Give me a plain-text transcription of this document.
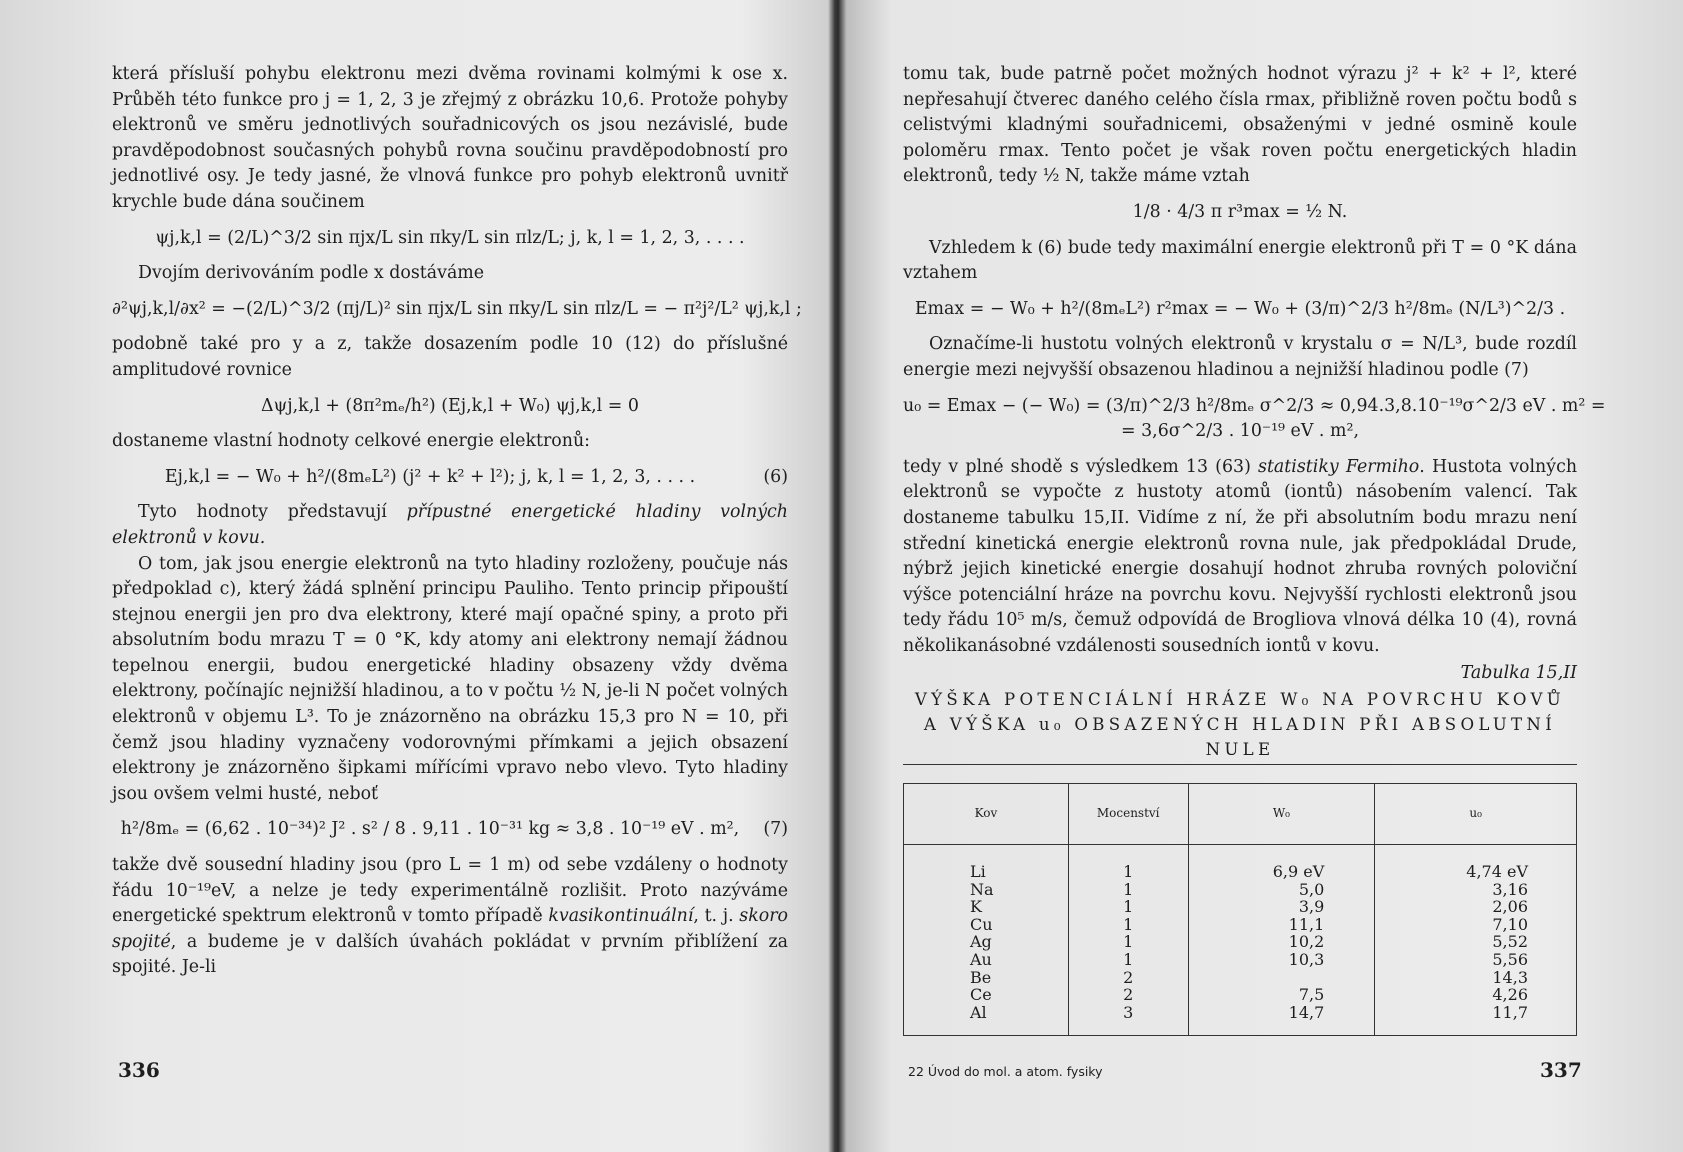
která přísluší pohybu elektronu mezi dvěma rovinami kolmými k ose x. Průběh této funkce pro j = 1, 2, 3 je zřejmý z obrázku 10,6. Protože pohyby elektronů ve směru jednotlivých souřadnicových os jsou nezávislé, bude pravděpodobnost současných pohybů rovna součinu pravděpodobností pro jednotlivé osy. Je tedy jasné, že vlnová funkce pro pohyb elektronů uvnitř krychle bude dána součinem

ψj,k,l = (2/L)^3/2 sin πjx/L sin πky/L sin πlz/L; j, k, l = 1, 2, 3, . . . .

Dvojím derivováním podle x dostáváme

∂²ψj,k,l/∂x² = −(2/L)^3/2 (πj/L)² sin πjx/L sin πky/L sin πlz/L = − π²j²/L² ψj,k,l ;

podobně také pro y a z, takže dosazením podle 10 (12) do příslušné amplitudové rovnice

Δψj,k,l + (8π²mₑ/h²) (Ej,k,l + W₀) ψj,k,l = 0

dostaneme vlastní hodnoty celkové energie elektronů:

Ej,k,l = − W₀ + h²/(8mₑL²) (j² + k² + l²); j, k, l = 1, 2, 3, . . . .	(6)

Tyto hodnoty představují přípustné energetické hladiny volných elektronů v kovu.

O tom, jak jsou energie elektronů na tyto hladiny rozloženy, poučuje nás předpoklad c), který žádá splnění principu Pauliho. Tento princip připouští stejnou energii jen pro dva elektrony, které mají opačné spiny, a proto při absolutním bodu mrazu T = 0 °K, kdy atomy ani elektrony nemají žádnou tepelnou energii, budou energetické hladiny obsazeny vždy dvěma elektrony, počínajíc nejnižší hladinou, a to v počtu ½ N, je-li N počet volných elektronů v objemu L³. To je znázorněno na obrázku 15,3 pro N = 10, při čemž jsou hladiny vyznačeny vodorovnými přímkami a jejich obsazení elektrony je znázorněno šipkami mířícími vpravo nebo vlevo. Tyto hladiny jsou ovšem velmi husté, neboť

h²/8mₑ = (6,62 . 10⁻³⁴)² J² . s² / 8 . 9,11 . 10⁻³¹ kg ≈ 3,8 . 10⁻¹⁹ eV . m²,	(7)

takže dvě sousední hladiny jsou (pro L = 1 m) od sebe vzdáleny o hodnoty řádu 10⁻¹⁹eV, a nelze je tedy experimentálně rozlišit. Proto nazýváme energetické spektrum elektronů v tomto případě kvasikontinuální, t. j. skoro spojité, a budeme je v dalších úvahách pokládat v prvním přiblížení za spojité. Je-li

336

tomu tak, bude patrně počet možných hodnot výrazu j² + k² + l², které nepřesahují čtverec daného celého čísla rmax, přibližně roven počtu bodů s celistvými kladnými souřadnicemi, obsaženými v jedné osmině koule poloměru rmax. Tento počet je však roven počtu energetických hladin elektronů, tedy ½ N, takže máme vztah

1/8 · 4/3 π r³max = ½ N.

Vzhledem k (6) bude tedy maximální energie elektronů při T = 0 °K dána vztahem

Emax = − W₀ + h²/(8mₑL²) r²max = − W₀ + (3/π)^2/3 h²/8mₑ (N/L³)^2/3 .

Označíme-li hustotu volných elektronů v krystalu σ = N/L³, bude rozdíl energie mezi nejvyšší obsazenou hladinou a nejnižší hladinou podle (7)

u₀ = Emax − (− W₀) = (3/π)^2/3 h²/8mₑ σ^2/3 ≈ 0,94.3,8.10⁻¹⁹σ^2/3 eV . m² =
= 3,6σ^2/3 . 10⁻¹⁹ eV . m²,

tedy v plné shodě s výsledkem 13 (63) statistiky Fermiho. Hustota volných elektronů se vypočte z hustoty atomů (iontů) násobením valencí. Tak dostaneme tabulku 15,II. Vidíme z ní, že při absolutním bodu mrazu není střední kinetická energie elektronů rovna nule, jak předpokládal Drude, nýbrž jejich kinetické energie dosahují hodnot zhruba rovných poloviční výšce potenciální hráze na povrchu kovu. Nejvyšší rychlosti elektronů jsou tedy řádu 10⁵ m/s, čemuž odpovídá de Brogliova vlnová délka 10 (4), rovná několikanásobné vzdálenosti sousedních iontů v kovu.

Tabulka 15,II
VÝŠKA POTENCIÁLNÍ HRÁZE W₀ NA POVRCHU KOVŮ
A VÝŠKA u₀ OBSAZENÝCH HLADIN PŘI ABSOLUTNÍ NULE
Kov	Mocenství	W₀	u₀
Li	1	6,9 eV	4,74 eV
Na	1	5,0	3,16
K	1	3,9	2,06
Cu	1	11,1	7,10
Ag	1	10,2	5,52
Au	1	10,3	5,56
Be	2		14,3
Ce	2	7,5	4,26
Al	3	14,7	11,7
22 Úvod do mol. a atom. fysiky	337
